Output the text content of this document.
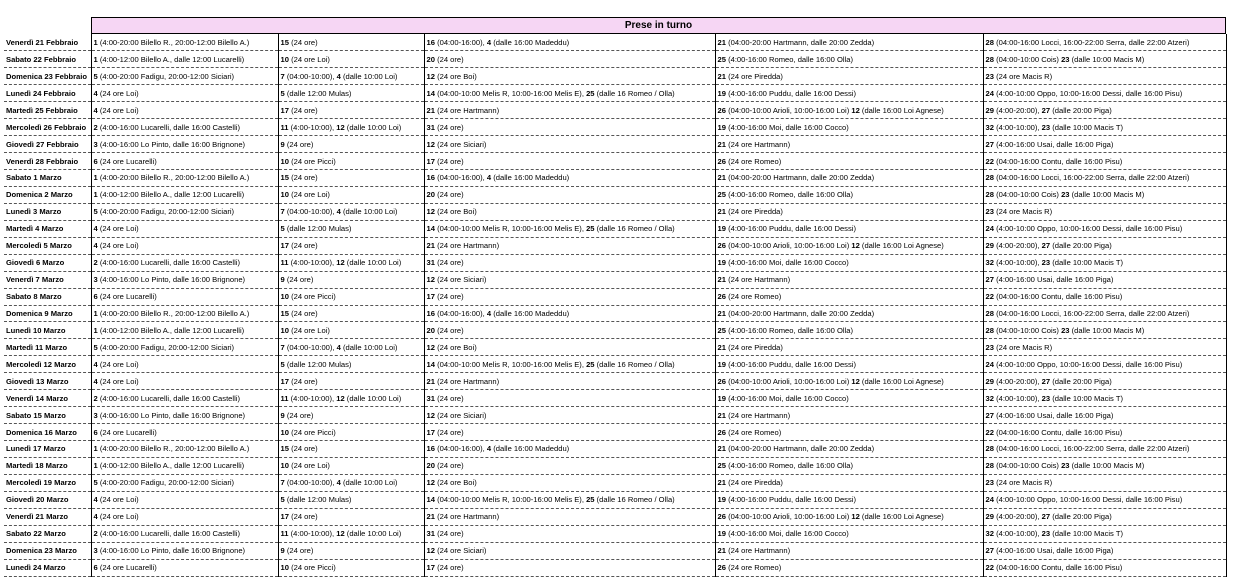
Prese in turno
Venerdì 21 Febbraio	1 (4:00-20:00 Bilello R., 20:00-12:00 Bilello A.)	15 (24 ore)	16 (04:00-16:00), 4 (dalle 16:00 Madeddu)	21 (04:00-20:00 Hartmann, dalle 20:00 Zedda)	28 (04:00-16:00 Locci, 16:00-22:00 Serra, dalle 22:00 Atzeri)
Sabato 22 Febbraio	1 (4:00-12:00 Bilello A., dalle 12:00 Lucarelli)	10 (24 ore Loi)	20 (24 ore)	25 (4:00-16:00 Romeo, dalle 16:00 Olla)	28 (04:00-10:00 Cois) 23 (dalle 10:00 Macis M)
Domenica 23 Febbraio	5 (4:00-20:00 Fadigu, 20:00-12:00 Siciari)	7 (04:00-10:00), 4 (dalle 10:00 Loi)	12 (24 ore Boi)	21 (24 ore Piredda)	23 (24 ore Macis R)
Lunedì 24 Febbraio	4 (24 ore Loi)	5 (dalle 12:00 Mulas)	14 (04:00-10:00 Melis R, 10:00-16:00 Melis E), 25 (dalle 16 Romeo / Olla)	19 (4:00-16:00 Puddu, dalle 16:00 Dessi)	24 (4:00-10:00 Oppo, 10:00-16:00 Dessi, dalle 16:00 Pisu)
Martedì 25 Febbraio	4 (24 ore Loi)	17 (24 ore)	21 (24 ore Hartmann)	26 (04:00-10:00 Arioli, 10:00-16:00 Loi) 12 (dalle 16:00 Loi Agnese)	29 (4:00-20:00), 27 (dalle 20:00 Piga)
Mercoledì 26 Febbraio	2 (4:00-16:00 Lucarelli, dalle 16:00 Castelli)	11 (4:00-10:00), 12 (dalle 10:00 Loi)	31 (24 ore)	19 (4:00-16:00 Moi, dalle 16:00 Cocco)	32 (4:00-10:00), 23 (dalle 10:00 Macis T)
Giovedì 27 Febbraio	3 (4:00-16:00 Lo Pinto, dalle 16:00 Brignone)	9 (24 ore)	12 (24 ore Siciari)	21 (24 ore Hartmann)	27 (4:00-16:00 Usai, dalle 16:00 Piga)
Venerdì 28 Febbraio	6 (24 ore Lucarelli)	10 (24 ore Picci)	17 (24 ore)	26 (24 ore Romeo)	22 (04:00-16:00 Contu, dalle 16:00 Pisu)
Sabato 1 Marzo	1 (4:00-20:00 Bilello R., 20:00-12:00 Bilello A.)	15 (24 ore)	16 (04:00-16:00), 4 (dalle 16:00 Madeddu)	21 (04:00-20:00 Hartmann, dalle 20:00 Zedda)	28 (04:00-16:00 Locci, 16:00-22:00 Serra, dalle 22:00 Atzeri)
Domenica 2 Marzo	1 (4:00-12:00 Bilello A., dalle 12:00 Lucarelli)	10 (24 ore Loi)	20 (24 ore)	25 (4:00-16:00 Romeo, dalle 16:00 Olla)	28 (04:00-10:00 Cois) 23 (dalle 10:00 Macis M)
Lunedì 3 Marzo	5 (4:00-20:00 Fadigu, 20:00-12:00 Siciari)	7 (04:00-10:00), 4 (dalle 10:00 Loi)	12 (24 ore Boi)	21 (24 ore Piredda)	23 (24 ore Macis R)
Martedì 4 Marzo	4 (24 ore Loi)	5 (dalle 12:00 Mulas)	14 (04:00-10:00 Melis R, 10:00-16:00 Melis E), 25 (dalle 16 Romeo / Olla)	19 (4:00-16:00 Puddu, dalle 16:00 Dessi)	24 (4:00-10:00 Oppo, 10:00-16:00 Dessi, dalle 16:00 Pisu)
Mercoledì 5 Marzo	4 (24 ore Loi)	17 (24 ore)	21 (24 ore Hartmann)	26 (04:00-10:00 Arioli, 10:00-16:00 Loi) 12 (dalle 16:00 Loi Agnese)	29 (4:00-20:00), 27 (dalle 20:00 Piga)
Giovedì 6 Marzo	2 (4:00-16:00 Lucarelli, dalle 16:00 Castelli)	11 (4:00-10:00), 12 (dalle 10:00 Loi)	31 (24 ore)	19 (4:00-16:00 Moi, dalle 16:00 Cocco)	32 (4:00-10:00), 23 (dalle 10:00 Macis T)
Venerdì 7 Marzo	3 (4:00-16:00 Lo Pinto, dalle 16:00 Brignone)	9 (24 ore)	12 (24 ore Siciari)	21 (24 ore Hartmann)	27 (4:00-16:00 Usai, dalle 16:00 Piga)
Sabato 8 Marzo	6 (24 ore Lucarelli)	10 (24 ore Picci)	17 (24 ore)	26 (24 ore Romeo)	22 (04:00-16:00 Contu, dalle 16:00 Pisu)
Domenica 9 Marzo	1 (4:00-20:00 Bilello R., 20:00-12:00 Bilello A.)	15 (24 ore)	16 (04:00-16:00), 4 (dalle 16:00 Madeddu)	21 (04:00-20:00 Hartmann, dalle 20:00 Zedda)	28 (04:00-16:00 Locci, 16:00-22:00 Serra, dalle 22:00 Atzeri)
Lunedì 10 Marzo	1 (4:00-12:00 Bilello A., dalle 12:00 Lucarelli)	10 (24 ore Loi)	20 (24 ore)	25 (4:00-16:00 Romeo, dalle 16:00 Olla)	28 (04:00-10:00 Cois) 23 (dalle 10:00 Macis M)
Martedì 11 Marzo	5 (4:00-20:00 Fadigu, 20:00-12:00 Siciari)	7 (04:00-10:00), 4 (dalle 10:00 Loi)	12 (24 ore Boi)	21 (24 ore Piredda)	23 (24 ore Macis R)
Mercoledì 12 Marzo	4 (24 ore Loi)	5 (dalle 12:00 Mulas)	14 (04:00-10:00 Melis R, 10:00-16:00 Melis E), 25 (dalle 16 Romeo / Olla)	19 (4:00-16:00 Puddu, dalle 16:00 Dessi)	24 (4:00-10:00 Oppo, 10:00-16:00 Dessi, dalle 16:00 Pisu)
Giovedì 13 Marzo	4 (24 ore Loi)	17 (24 ore)	21 (24 ore Hartmann)	26 (04:00-10:00 Arioli, 10:00-16:00 Loi) 12 (dalle 16:00 Loi Agnese)	29 (4:00-20:00), 27 (dalle 20:00 Piga)
Venerdì 14 Marzo	2 (4:00-16:00 Lucarelli, dalle 16:00 Castelli)	11 (4:00-10:00), 12 (dalle 10:00 Loi)	31 (24 ore)	19 (4:00-16:00 Moi, dalle 16:00 Cocco)	32 (4:00-10:00), 23 (dalle 10:00 Macis T)
Sabato 15 Marzo	3 (4:00-16:00 Lo Pinto, dalle 16:00 Brignone)	9 (24 ore)	12 (24 ore Siciari)	21 (24 ore Hartmann)	27 (4:00-16:00 Usai, dalle 16:00 Piga)
Domenica 16 Marzo	6 (24 ore Lucarelli)	10 (24 ore Picci)	17 (24 ore)	26 (24 ore Romeo)	22 (04:00-16:00 Contu, dalle 16:00 Pisu)
Lunedì 17 Marzo	1 (4:00-20:00 Bilello R., 20:00-12:00 Bilello A.)	15 (24 ore)	16 (04:00-16:00), 4 (dalle 16:00 Madeddu)	21 (04:00-20:00 Hartmann, dalle 20:00 Zedda)	28 (04:00-16:00 Locci, 16:00-22:00 Serra, dalle 22:00 Atzeri)
Martedì 18 Marzo	1 (4:00-12:00 Bilello A., dalle 12:00 Lucarelli)	10 (24 ore Loi)	20 (24 ore)	25 (4:00-16:00 Romeo, dalle 16:00 Olla)	28 (04:00-10:00 Cois) 23 (dalle 10:00 Macis M)
Mercoledì 19 Marzo	5 (4:00-20:00 Fadigu, 20:00-12:00 Siciari)	7 (04:00-10:00), 4 (dalle 10:00 Loi)	12 (24 ore Boi)	21 (24 ore Piredda)	23 (24 ore Macis R)
Giovedì 20 Marzo	4 (24 ore Loi)	5 (dalle 12:00 Mulas)	14 (04:00-10:00 Melis R, 10:00-16:00 Melis E), 25 (dalle 16 Romeo / Olla)	19 (4:00-16:00 Puddu, dalle 16:00 Dessi)	24 (4:00-10:00 Oppo, 10:00-16:00 Dessi, dalle 16:00 Pisu)
Venerdì 21 Marzo	4 (24 ore Loi)	17 (24 ore)	21 (24 ore Hartmann)	26 (04:00-10:00 Arioli, 10:00-16:00 Loi) 12 (dalle 16:00 Loi Agnese)	29 (4:00-20:00), 27 (dalle 20:00 Piga)
Sabato 22 Marzo	2 (4:00-16:00 Lucarelli, dalle 16:00 Castelli)	11 (4:00-10:00), 12 (dalle 10:00 Loi)	31 (24 ore)	19 (4:00-16:00 Moi, dalle 16:00 Cocco)	32 (4:00-10:00), 23 (dalle 10:00 Macis T)
Domenica 23 Marzo	3 (4:00-16:00 Lo Pinto, dalle 16:00 Brignone)	9 (24 ore)	12 (24 ore Siciari)	21 (24 ore Hartmann)	27 (4:00-16:00 Usai, dalle 16:00 Piga)
Lunedì 24 Marzo	6 (24 ore Lucarelli)	10 (24 ore Picci)	17 (24 ore)	26 (24 ore Romeo)	22 (04:00-16:00 Contu, dalle 16:00 Pisu)
